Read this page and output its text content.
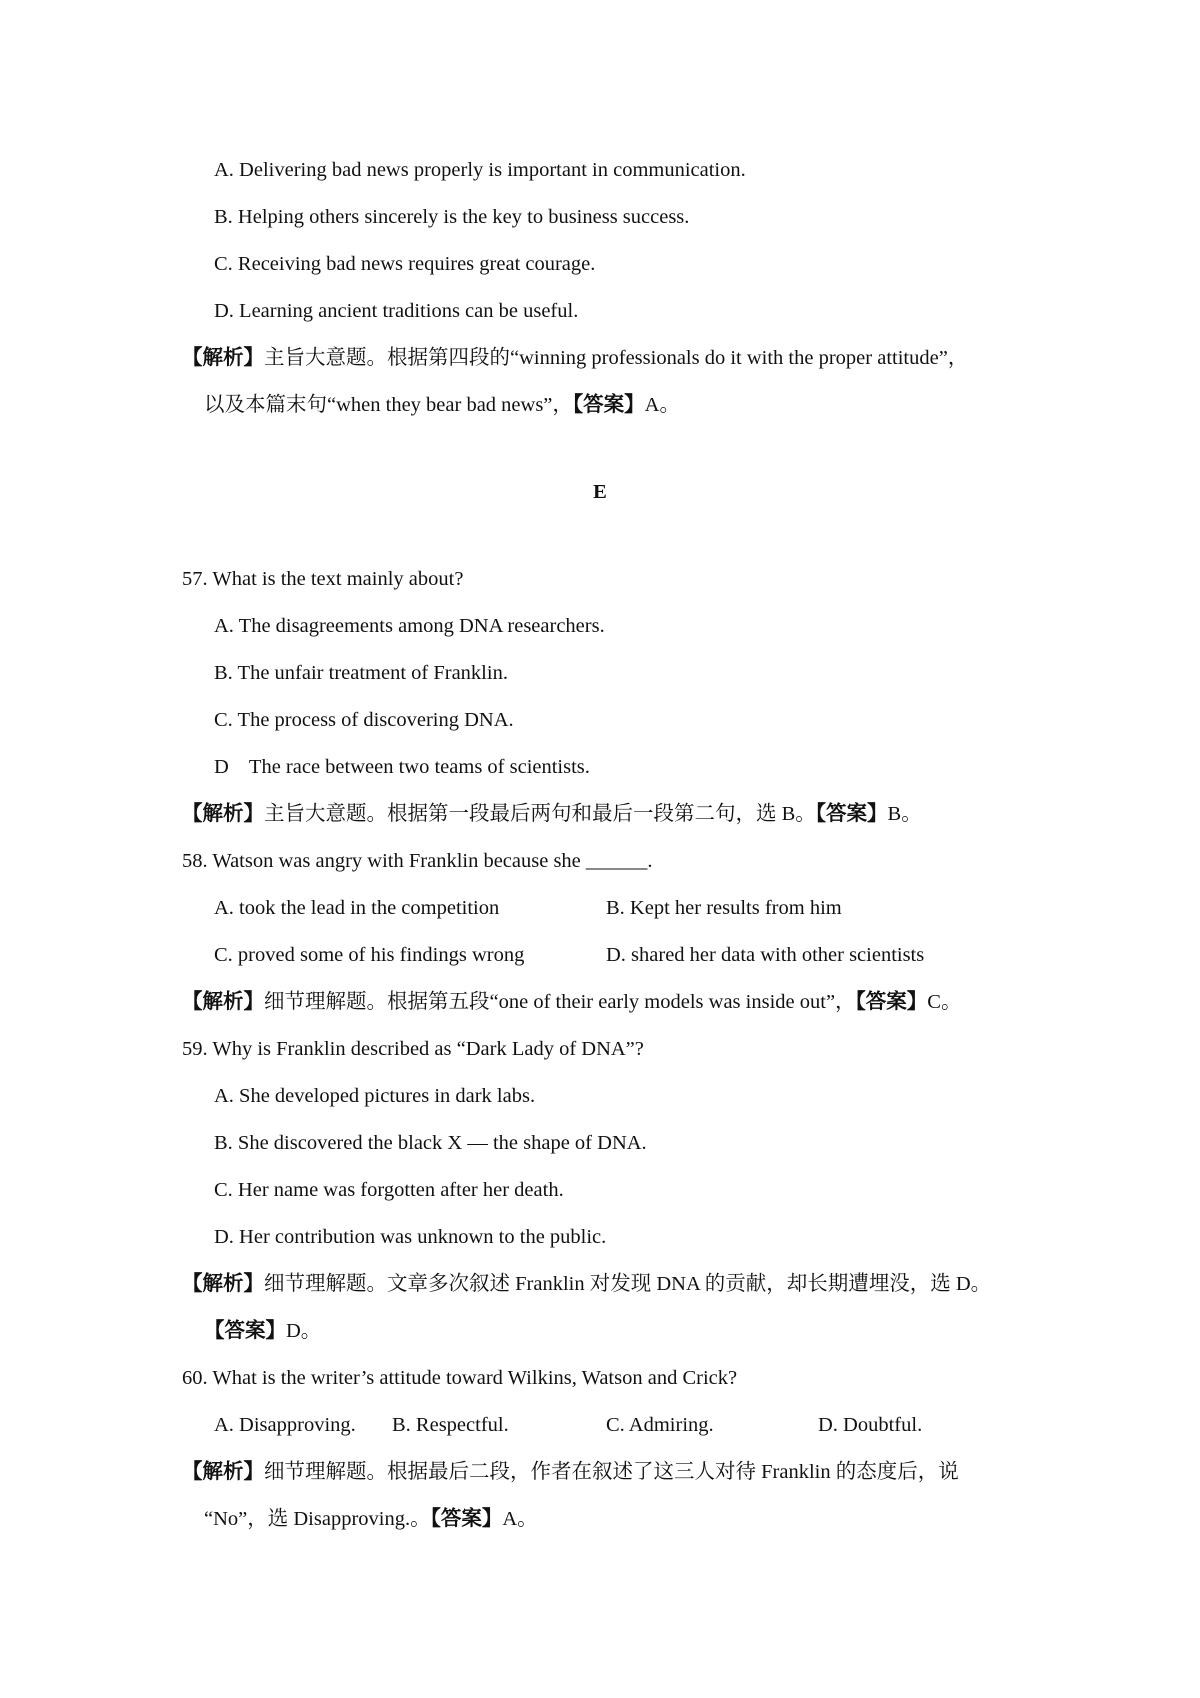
A. Delivering bad news properly is important in communication.
B. Helping others sincerely is the key to business success.
C. Receiving bad news requires great courage.
D. Learning ancient traditions can be useful.
【解析】主旨大意题。根据第四段的“winning professionals do it with the proper attitude”，
以及本篇末句“when they bear bad news”，【答案】A。
E
57. What is the text mainly about?
A. The disagreements among DNA researchers.
B. The unfair treatment of Franklin.
C. The process of discovering DNA.
D    The race between two teams of scientists.
【解析】主旨大意题。根据第一段最后两句和最后一段第二句，选 B。【答案】B。
58. Watson was angry with Franklin because she ______.
A. took the lead in the competition	B. Kept her results from him
C. proved some of his findings wrong	D. shared her data with other scientists
【解析】细节理解题。根据第五段“one of their early models was inside out”，【答案】C。
59. Why is Franklin described as “Dark Lady of DNA”?
A. She developed pictures in dark labs.
B. She discovered the black X — the shape of DNA.
C. Her name was forgotten after her death.
D. Her contribution was unknown to the public.
【解析】细节理解题。文章多次叙述 Franklin 对发现 DNA 的贡献，却长期遭埋没，选 D。
【答案】D。
60. What is the writer’s attitude toward Wilkins, Watson and Crick?
A. Disapproving. B. Respectful.	C. Admiring.	D. Doubtful.
【解析】细节理解题。根据最后二段，作者在叙述了这三人对待 Franklin 的态度后，说
“No”，选 Disapproving.。【答案】A。
